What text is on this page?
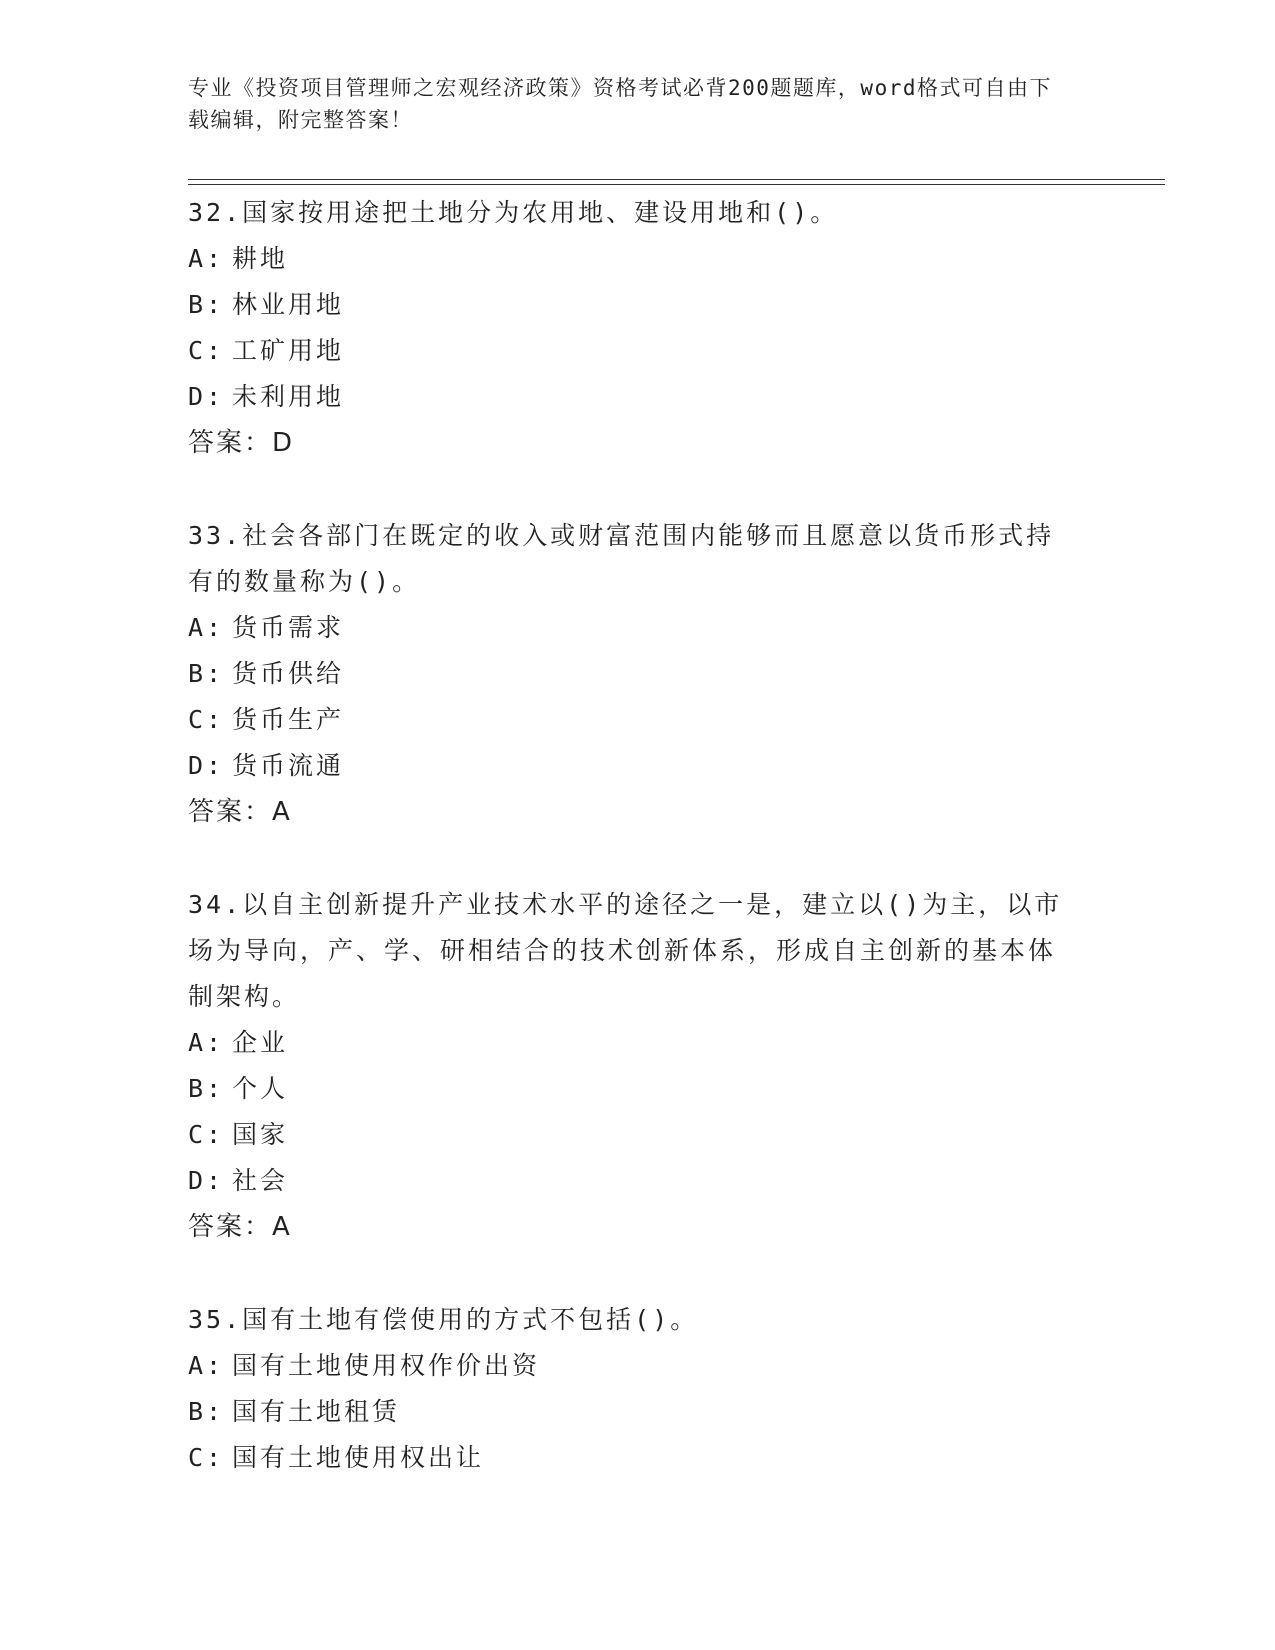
专业《投资项目管理师之宏观经济政策》资格考试必背200题题库，word格式可自由下载编辑，附完整答案！
32.国家按用途把土地分为农用地、建设用地和()。
A: 耕地
B: 林业用地
C: 工矿用地
D: 未利用地
答案：D
33.社会各部门在既定的收入或财富范围内能够而且愿意以货币形式持有的数量称为()。
A: 货币需求
B: 货币供给
C: 货币生产
D: 货币流通
答案：A
34.以自主创新提升产业技术水平的途径之一是，建立以()为主，以市场为导向，产、学、研相结合的技术创新体系，形成自主创新的基本体制架构。
A: 企业
B: 个人
C: 国家
D: 社会
答案：A
35.国有土地有偿使用的方式不包括()。
A: 国有土地使用权作价出资
B: 国有土地租赁
C: 国有土地使用权出让
